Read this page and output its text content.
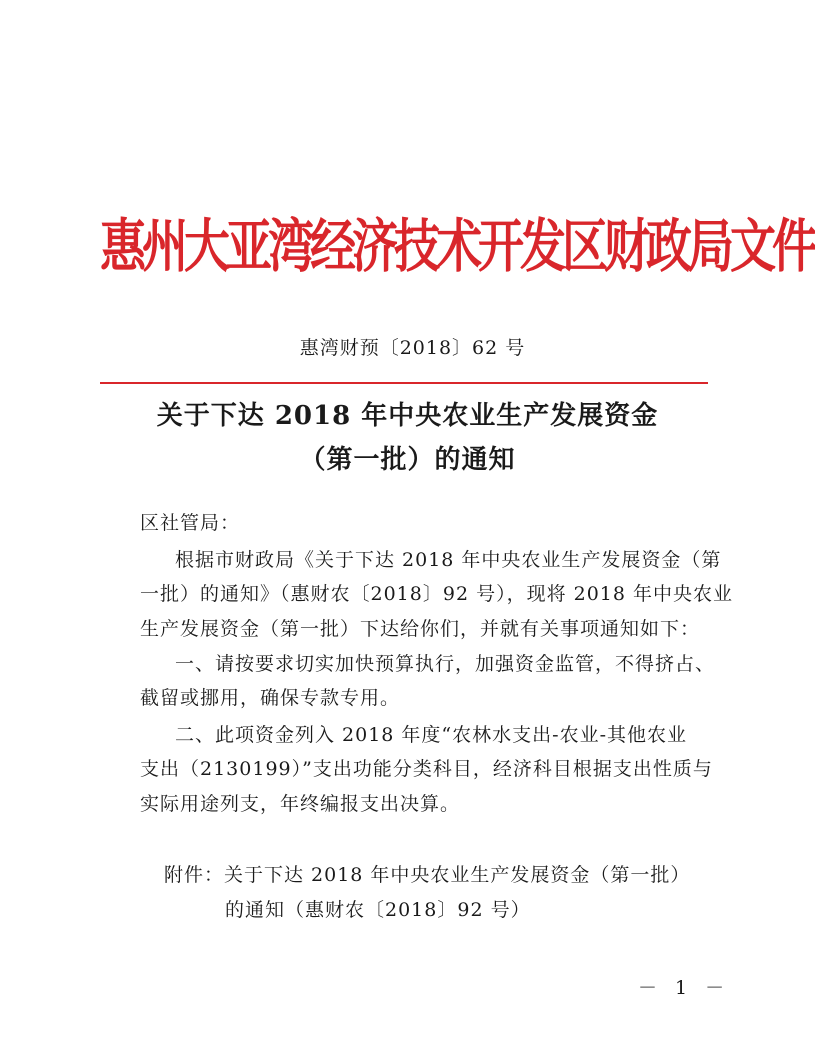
惠州大亚湾经济技术开发区财政局文件
惠湾财预〔2018〕62 号
关于下达 2018 年中央农业生产发展资金
（第一批）的通知
区社管局：
根据市财政局《关于下达 2018 年中央农业生产发展资金（第
一批）的通知》（惠财农〔2018〕92 号），现将 2018 年中央农业
生产发展资金（第一批）下达给你们，并就有关事项通知如下：
一、请按要求切实加快预算执行，加强资金监管，不得挤占、
截留或挪用，确保专款专用。
二、此项资金列入 2018 年度“农林水支出-农业-其他农业
支出（2130199）”支出功能分类科目，经济科目根据支出性质与
实际用途列支，年终编报支出决算。
附件：关于下达 2018 年中央农业生产发展资金（第一批）
的通知（惠财农〔2018〕92 号）
－ 1 －
